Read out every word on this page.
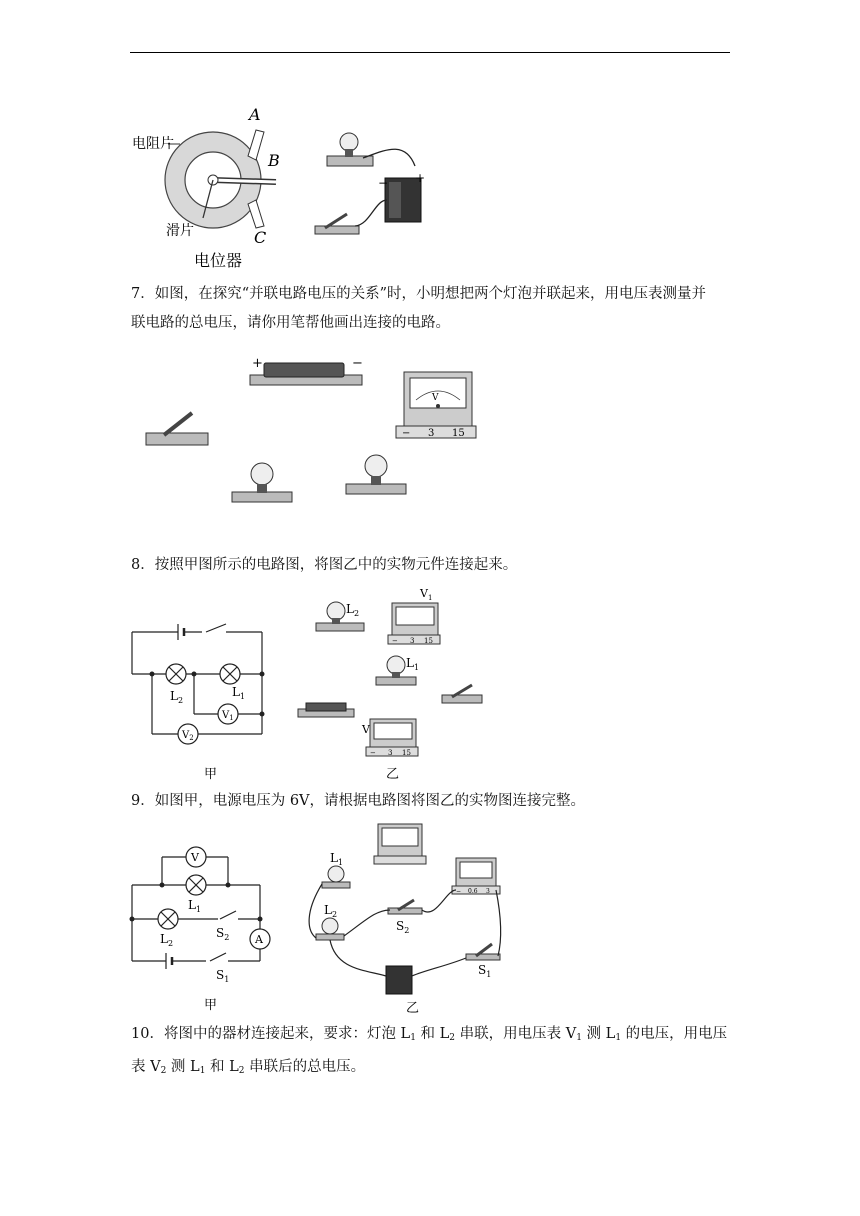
电阻片
A
B
C
滑片
电位器
− +
7．如图，在探究“并联电路电压的关系”时，小明想把两个灯泡并联起来，用电压表测量并
联电路的总电压，请你用笔帮他画出连接的电路。
+	−
V
− 3 15
8．按照甲图所示的电路图，将图乙中的实物元件连接起来。
$L_2$
$L_1$
$V_1$
$V_2$
甲
$L_2$
$V_1$
− 3 15
$L_1$
V
− 3 15
乙
9．如图甲，电源电压为 6V，请根据电路图将图乙的实物图连接完整。
V
A
$L_1$
$L_2$
$S_2$
$S_1$
甲
$L_1$
− 0.6 3
$L_2$
$S_2$
$S_1$
乙
10．将图中的器材连接起来，要求：灯泡 $L_1$ 和 $L_2$ 串联，用电压表 $V_1$ 测 $L_1$ 的电压，用电压
表 $V_2$ 测 $L_1$ 和 $L_2$ 串联后的总电压。
